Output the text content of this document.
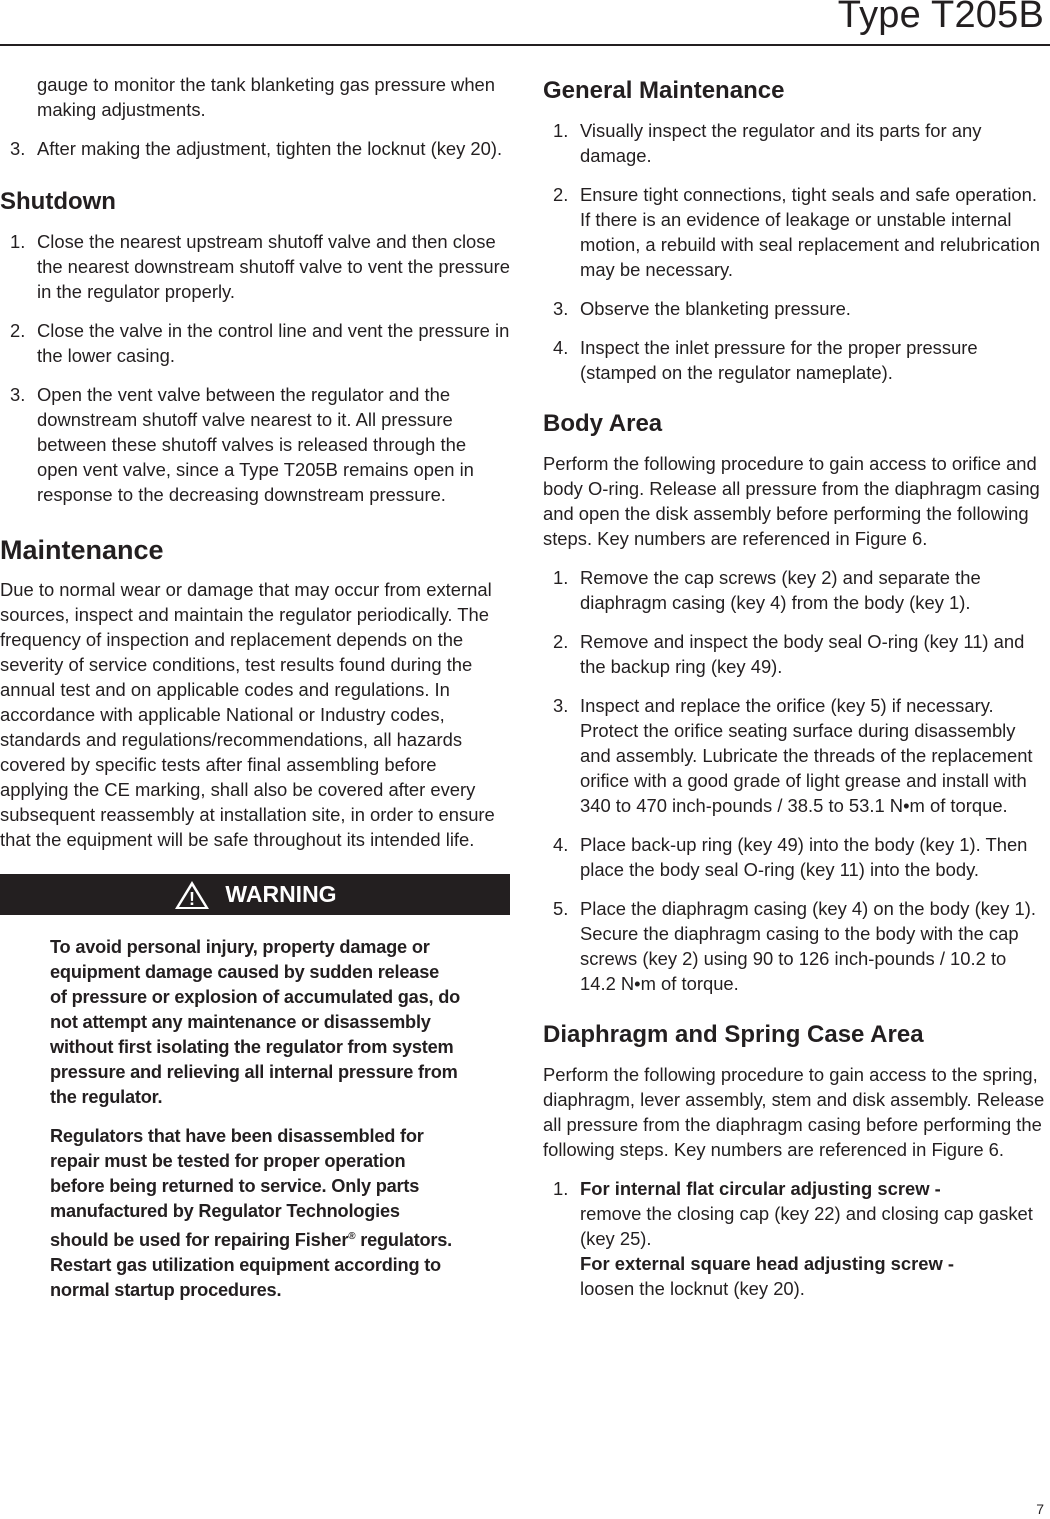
Type T205B

gauge to monitor the tank blanketing gas pressure when making adjustments.

3. After making the adjustment, tighten the locknut (key 20).
Shutdown
1. Close the nearest upstream shutoff valve and then close the nearest downstream shutoff valve to vent the pressure in the regulator properly.
2. Close the valve in the control line and vent the pressure in the lower casing.
3. Open the vent valve between the regulator and the downstream shutoff valve nearest to it. All pressure between these shutoff valves is released through the open vent valve, since a Type T205B remains open in response to the decreasing downstream pressure.
Maintenance

Due to normal wear or damage that may occur from external sources, inspect and maintain the regulator periodically. The frequency of inspection and replacement depends on the severity of service conditions, test results found during the annual test and on applicable codes and regulations. In accordance with applicable National or Industry codes, standards and regulations/recommendations, all hazards covered by specific tests after final assembling before applying the CE marking, shall also be covered after every subsequent reassembly at installation site, in order to ensure that the equipment will be safe throughout its intended life.

! WARNING

To avoid personal injury, property damage or equipment damage caused by sudden release of pressure or explosion of accumulated gas, do not attempt any maintenance or disassembly without first isolating the regulator from system pressure and relieving all internal pressure from the regulator.

Regulators that have been disassembled for repair must be tested for proper operation before being returned to service. Only parts manufactured by Regulator Technologies should be used for repairing Fisher® regulators. Restart gas utilization equipment according to normal startup procedures.

General Maintenance
1. Visually inspect the regulator and its parts for any damage.
2. Ensure tight connections, tight seals and safe operation. If there is an evidence of leakage or unstable internal motion, a rebuild with seal replacement and relubrication may be necessary.
3. Observe the blanketing pressure.
4. Inspect the inlet pressure for the proper pressure (stamped on the regulator nameplate).
Body Area

Perform the following procedure to gain access to orifice and body O-ring. Release all pressure from the diaphragm casing and open the disk assembly before performing the following steps. Key numbers are referenced in Figure 6.

1. Remove the cap screws (key 2) and separate the diaphragm casing (key 4) from the body (key 1).
2. Remove and inspect the body seal O-ring (key 11) and the backup ring (key 49).
3. Inspect and replace the orifice (key 5) if necessary. Protect the orifice seating surface during disassembly and assembly. Lubricate the threads of the replacement orifice with a good grade of light grease and install with 340 to 470 inch-pounds / 38.5 to 53.1 N•m of torque.
4. Place back-up ring (key 49) into the body (key 1). Then place the body seal O-ring (key 11) into the body.
5. Place the diaphragm casing (key 4) on the body (key 1). Secure the diaphragm casing to the body with the cap screws (key 2) using 90 to 126 inch-pounds / 10.2 to 14.2 N•m of torque.
Diaphragm and Spring Case Area

Perform the following procedure to gain access to the spring, diaphragm, lever assembly, stem and disk assembly. Release all pressure from the diaphragm casing before performing the following steps. Key numbers are referenced in Figure 6.

1. For internal flat circular adjusting screw -
remove the closing cap (key 22) and closing cap gasket (key 25).
For external square head adjusting screw -
loosen the locknut (key 20).
7
